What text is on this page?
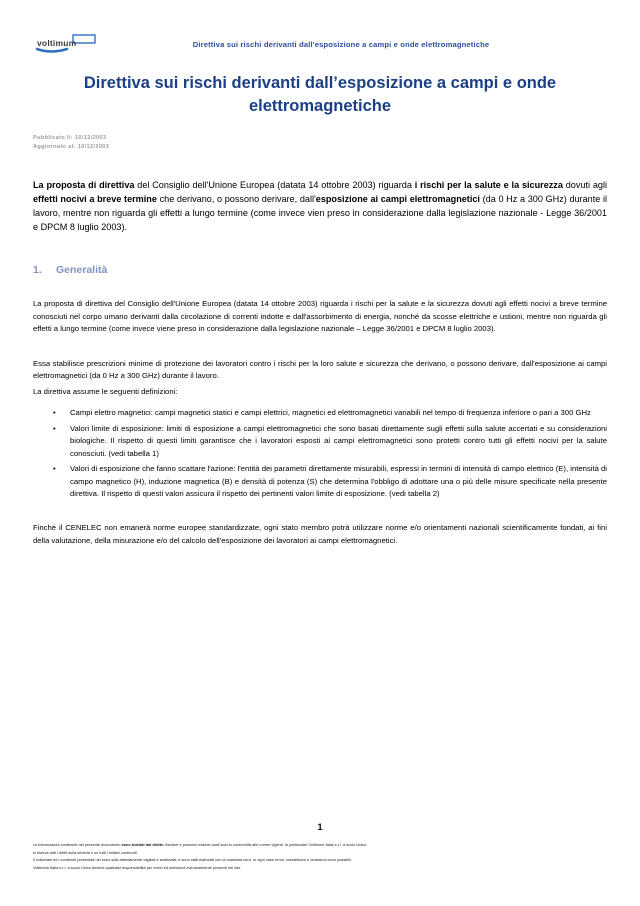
voltimum	Direttiva sui rischi derivanti dall'esposizione a campi e onde elettromagnetiche
Direttiva sui rischi derivanti dall’esposizione a campi e onde elettromagnetiche
Pubblicato il: 10/12/2003
Aggiornato al: 10/12/2003
La proposta di direttiva del Consiglio dell'Unione Europea (datata 14 ottobre 2003) riguarda i rischi per la salute e la sicurezza dovuti agli effetti nocivi a breve termine che derivano, o possono derivare, dall'esposizione ai campi elettromagnetici (da 0 Hz a 300 GHz) durante il lavoro, mentre non riguarda gli effetti a lungo termine (come invece vien preso in considerazione dalla legislazione nazionale - Legge 36/2001 e DPCM 8 luglio 2003).
1.	Generalità
La proposta di direttiva del Consiglio dell'Unione Europea (datata 14 ottobre 2003) riguarda i rischi per la salute e la sicurezza dovuti agli effetti nocivi a breve termine conosciuti nel corpo umano derivanti dalla circolazione di correnti indotte e dall'assorbimento di energia, nonché da scosse elettriche e ustioni, mentre non riguarda gli effetti a lungo termine (come invece viene preso in considerazione dalla legislazione nazionale – Legge 36/2001 e DPCM 8 luglio 2003).
Essa stabilisce prescrizioni minime di protezione dei lavoratori contro i rischi per la loro salute e sicurezza che derivano, o possono derivare, dall'esposizione ai campi elettromagnetici (da 0 Hz a 300 GHz) durante il lavoro.
La direttiva assume le seguenti definizioni:
• Campi elettro magnetici: campi magnetici statici e campi elettrici, magnetici ed elettromagnetici variabili nel tempo di frequenza inferiore o pari a 300 GHz
• Valori limite di esposizione: limiti di esposizione a campi elettromagnetici che sono basati direttamente sugli effetti sulla salute accertati e su considerazioni biologiche. Il rispetto di questi limiti garantisce che i lavoratori esposti ai campi elettromagnetici sono protetti contro tutti gli effetti nocivi per la salute conosciuti. (vedi tabella 1)
• Valori di esposizione che fanno scattare l'azione: l'entità dei parametri direttamente misurabili, espressi in termini di intensità di campo elettrico (E), intensità di campo magnetico (H), induzione magnetica (B) e densità di potenza (S) che determina l'obbligo di adottare una o più delle misure specificate nella presente direttiva. Il rispetto di questi valori assicura il rispetto dei pertinenti valori limite di esposizione. (vedi tabella 2)
Finché il CENELEC non emanerà norme europee standardizzate, ogni stato membro potrà utilizzare norme e/o orientamenti nazionali scientificamente fondati, ai fini della valutazione, della misurazione e/o del calcolo dell'esposizione dei lavoratori ai campi elettromagnetici.
1

Le informazioni contenute nel presente documento sono tutelati dal diritto d'autore e possono essere usati solo in conformità alle norme vigenti. In particolare Voltimum Italia s.r.l. a socio Unico

si riserva tutti i diritti sulla scheda e su tutti i relativi contenuti.

Il materiale ed i contenuti presentati nel sono stati attentamente vagliati e analizzati, e sono stati elaborati con la massima cura. In ogni caso errori, inesattezze e omissioni sono possibili.

Voltimum Italia s.r.l. a socio Unico declina qualsiasi responsabilità per errori ed omissioni eventualmente presenti nel sito.
